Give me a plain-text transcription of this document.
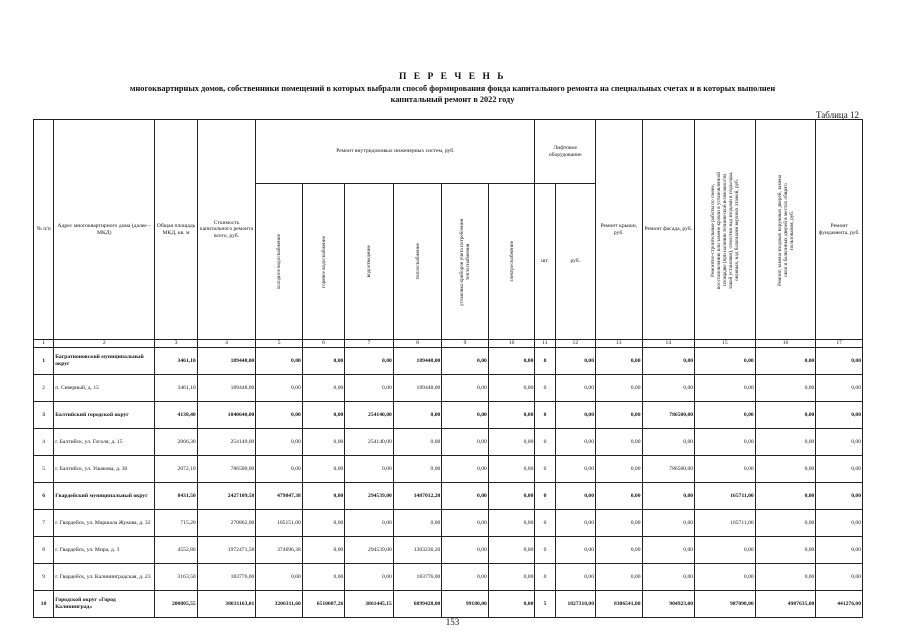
П Е Р Е Ч Е Н Ь
многоквартирных домов, собственники помещений в которых выбрали способ формирования фонда капитального ремонта на специальных счетах и в которых выполнен капитальный ремонт в 2022 году
Таблица 12
№ п/п	Адрес многоквартирного дома (далее – МКД)	Общая площадь МКД, кв. м	Стоимость капитального ремонта всего, руб.	Ремонт внутридомовых инженерных систем, руб.						Лифтовое оборудование		Ремонт крыши, руб.	Ремонт фасада, руб.	Ремонтно-строительные работы по смене, восстановлению или замене кровли в установленной площадке (при наличии технической возможности такой установки), отмостки над входами в подъезды, оконных, над балконами верхних этажей, руб.	Ремонт, замена входных наружных дверей, замена окон и балконных дверей в местах общего пользования, руб.	Ремонт фундамента, руб.

				холодное водоснабжение	горячее водоснабжение	водоотведение	теплоснабжение	установка приборов учета потребления теплоснабжения	электроснабжение	шт.	руб.					
1	2	3	4	5	6	7	8	9	10	11	12	13	14	15	16	17
1	Багратионовский муниципальный округ	3461,10	189448,00	0,00	0,00	0,00	189448,00	0,00	0,00	0	0,00	0,00	0,00	0,00	0,00	0,00
2	п. Северный, д. 15	3461,10	189448,00	0,00	0,00	0,00	189448,00	0,00	0,00	0	0,00	0,00	0,00	0,00	0,00	0,00
3	Балтийский городской округ	4138,40	1040640,00	0,00	0,00	254140,00	0,00	0,00	0,00	0	0,00	0,00	786500,00	0,00	0,00	0,00
4	г. Балтийск, ул. Гоголя, д. 15	2066,30	254140,00	0,00	0,00	254140,00	0,00	0,00	0,00	0	0,00	0,00	0,00	0,00	0,00	0,00
5	г. Балтийск, ул. Ушакова, д. 30	2072,10	786500,00	0,00	0,00	0,00	0,00	0,00	0,00	0	0,00	0,00	786500,00	0,00	0,00	0,00
6	Гвардейский муниципальный округ	8431,50	2427109,58	479847,38	0,00	294539,00	1487012,20	0,00	0,00	0	0,00	0,00	0,00	165711,00	0,00	0,00
7	г. Гвардейск, ул. Маршала Жукова, д. 32	715,20	270862,00	105151,00	0,00	0,00	0,00	0,00	0,00	0	0,00	0,00	0,00	165711,00	0,00	0,00
8	г. Гвардейск, ул. Мира, д. 3	4552,80	1972471,58	374696,38	0,00	294539,00	1303236,20	0,00	0,00	0	0,00	0,00	0,00	0,00	0,00	0,00
9	г. Гвардейск, ул. Калининградская, д. 23	3163,50	183776,00	0,00	0,00	0,00	183776,00	0,00	0,00	0	0,00	0,00	0,00	0,00	0,00	0,00
10	Городской округ «Город Калининград»	200805,55	38031163,01	3206311,60	6510007,26	3861445,15	6899428,00	99180,00	0,00	5	1827318,00	8306541,00	904923,00	987098,00	4987635,00	441276,00
153
